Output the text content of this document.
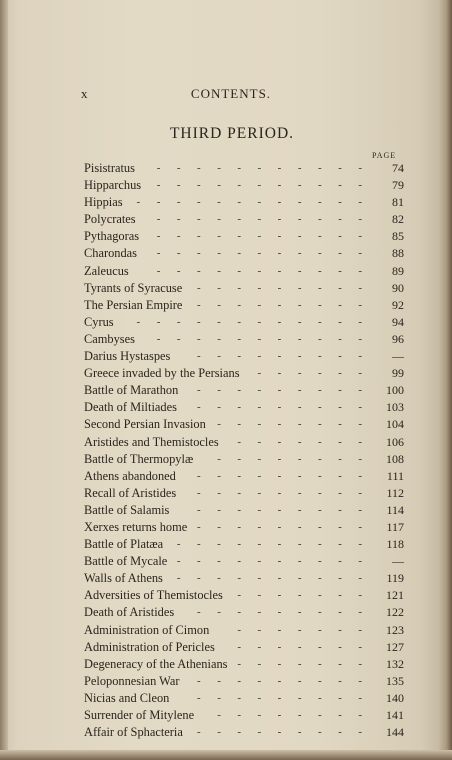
x	CONTENTS.
THIRD PERIOD.
PAGE
Pisistratus -   -   -   -   -   -   -   -   -   -   -	74
Hipparchus -   -   -   -   -   -   -   -   -   -   -	79
Hippias -   -   -   -   -   -   -   -   -   -   -   -	81
Polycrates -   -   -   -   -   -   -   -   -   -   -	82
Pythagoras -   -   -   -   -   -   -   -   -   -   -	85
Charondas -   -   -   -   -   -   -   -   -   -   -	88
Zaleucus	-   -   -   -   -   -   -   -   -   -   -	89
Tyrants of Syracuse -   -   -   -   -   -   -   -   -	90
The Persian Empire -   -   -   -   -   -   -   -   -	92
Cyrus -   -   -   -   -   -   -   -   -   -   -   -	94
Cambyses -   -   -   -   -   -   -   -   -   -   -	96
Darius Hystaspes -   -   -   -   -   -   -   -   -	—
Greece invaded by the Persians -   -   -   -   -   -	99
Battle of Marathon -   -   -   -   -   -   -   -   -	100
Death of Miltiades -   -   -   -   -   -   -   -   -	103
Second Persian Invasion -   -   -   -   -   -   -   -	104
Aristides and Themistocles -   -   -   -   -   -   -	106
Battle of Thermopylæ -   -   -   -   -   -   -   -	108
Athens abandoned -   -   -   -   -   -   -   -   -	111
Recall of Aristides -   -   -   -   -   -   -   -   -	112
Battle of Salamis	-   -   -   -   -   -   -   -   -	114
Xerxes returns home -   -   -   -   -   -   -   -   -	117
Battle of Platæa -   -   -   -   -   -   -   -   -   -	118
Battle of Mycale -   -   -   -   -   -   -   -   -   -	—
Walls of Athens -   -   -   -   -   -   -   -   -   -	119
Adversities of Themistocles -   -   -   -   -   -   -	121
Death of Aristides -   -   -   -   -   -   -   -   -	122
Administration of Cimon	-   -   -   -   -   -   -	123
Administration of Pericles -   -   -   -   -   -   -	127
Degeneracy of the Athenians -   -   -   -   -   -   -	132
Peloponnesian War -   -   -   -   -   -   -   -   -	135
Nicias and Cleon	-   -   -   -   -   -   -   -   -	140
Surrender of Mitylene -   -   -   -   -   -   -   -	141
Affair of Sphacteria -   -   -   -   -   -   -   -   -	144
